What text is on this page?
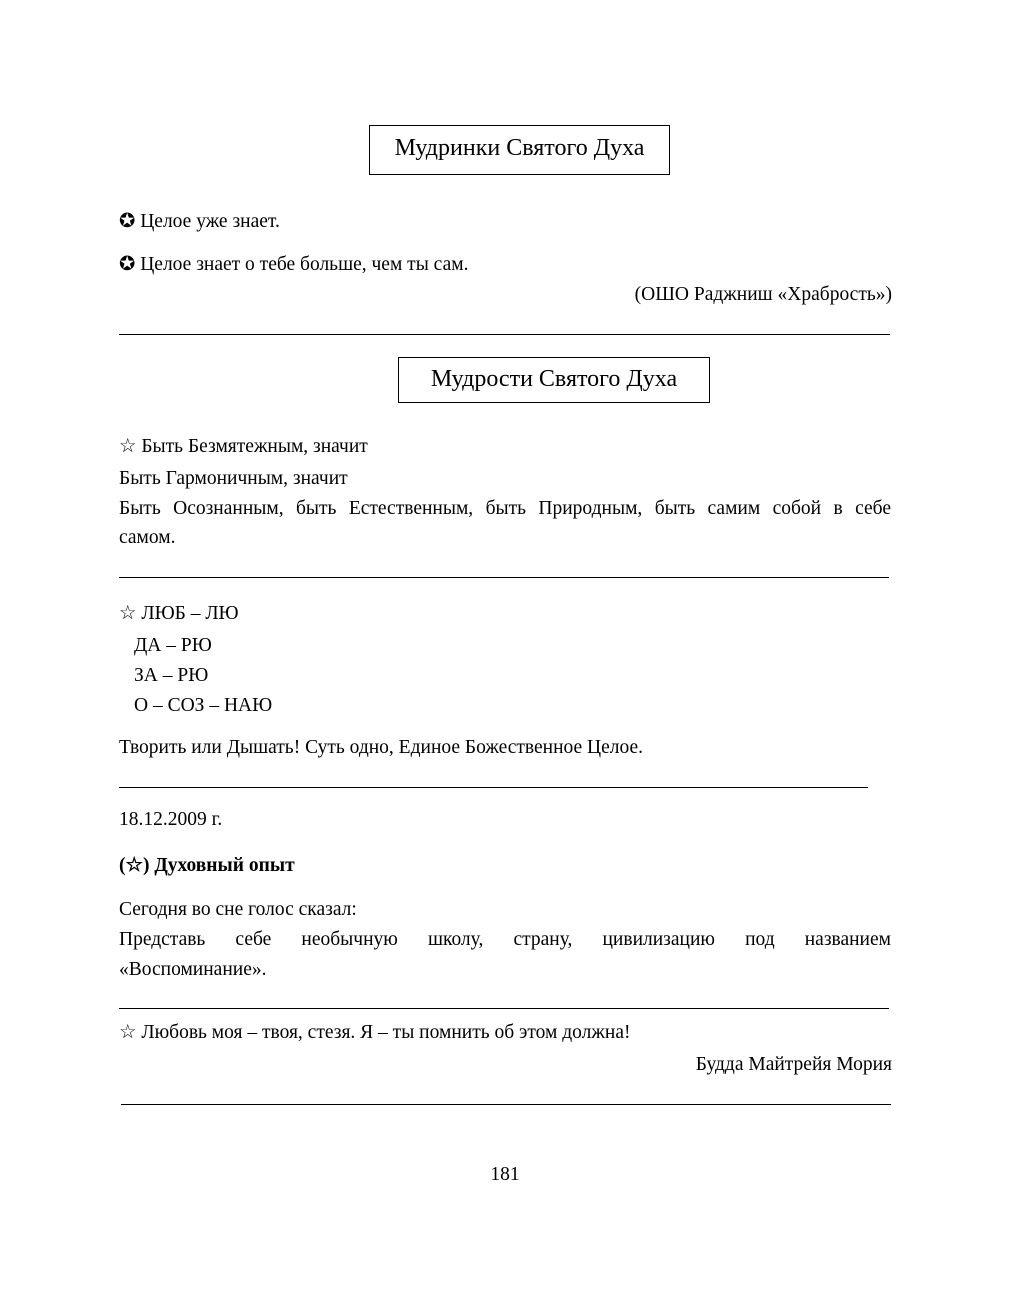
Мудринки Святого Духа
✪ Целое уже знает.
✪ Целое знает о тебе больше, чем ты сам.
(ОШО Раджниш «Храбрость»)
Мудрости Святого Духа
☆ Быть Безмятежным, значит
Быть Гармоничным, значит
Быть Осознанным, быть Естественным, быть Природным, быть самим собой в себе
самом.
☆ ЛЮБ – ЛЮ
ДА – РЮ
ЗА – РЮ
О – СОЗ – НАЮ
Творить или Дышать! Суть одно, Единое Божественное Целое.
18.12.2009 г.
(☆) Духовный опыт
Сегодня во сне голос сказал:
Представь себе необычную школу, страну, цивилизацию под названием
«Воспоминание».
☆ Любовь моя – твоя, стезя. Я – ты помнить об этом должна!
Будда Майтрейя Мория
181
